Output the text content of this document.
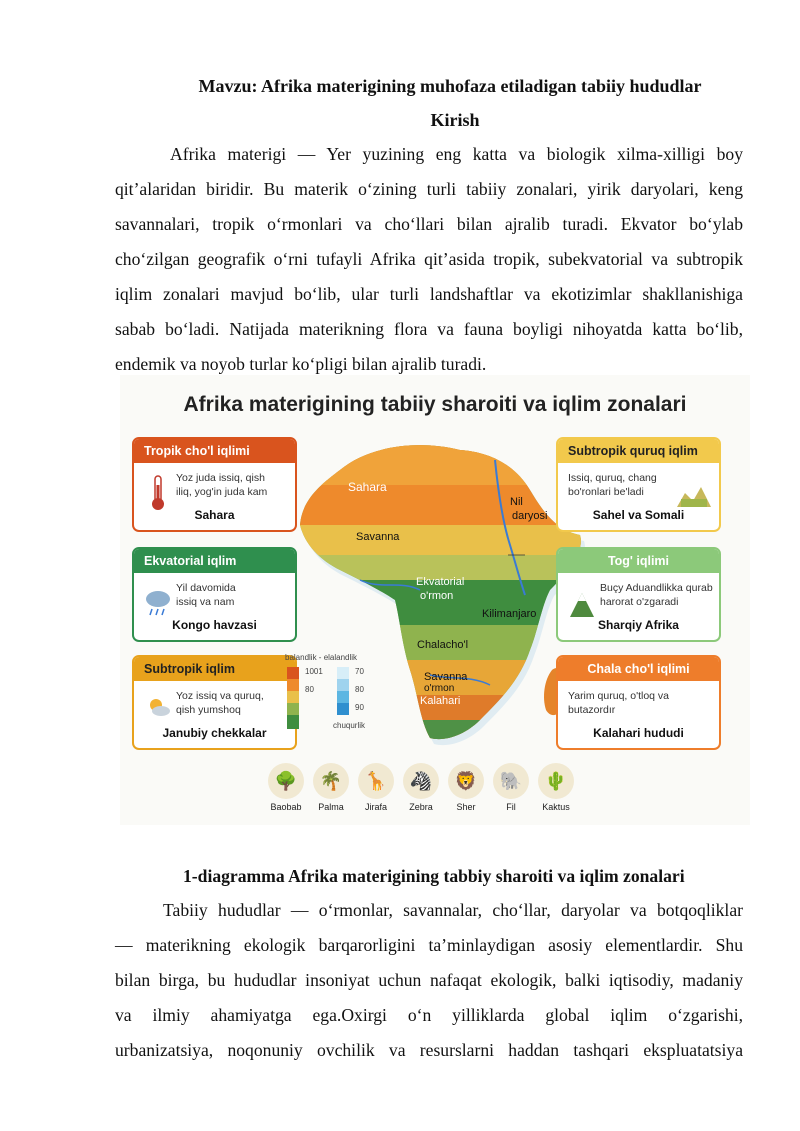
Mavzu: Afrika materigining muhofaza etiladigan tabiiy hududlar
Kirish
Afrika materigi — Yer yuzining eng katta va biologik xilma-xilligi boy
qit’alaridan biridir. Bu materik o‘zining turli tabiiy zonalari, yirik daryolari, keng
savannalari, tropik o‘rmonlari va cho‘llari bilan ajralib turadi. Ekvator bo‘ylab
cho‘zilgan geografik o‘rni tufayli Afrika qit’asida tropik, subekvatorial va subtropik
iqlim zonalari mavjud bo‘lib, ular turli landshaftlar va ekotizimlar shakllanishiga
sabab bo‘ladi. Natijada materikning flora va fauna boyligi nihoyatda katta bo‘lib,
endemik va noyob turlar ko‘pligi bilan ajralib turadi.
Afrika materigining tabiiy sharoiti va iqlim zonalari
Sahara
Savanna
Nil
daryosi
Ekvatorial
o'rmon
Kilimanjaro
Chalacho'l
Savanna
o'rmon
Kalahari
Tropik cho'l iqlimi
Yoz juda issiq, qish
iliq, yog'in juda kam
Sahara
Ekvatorial iqlim
Yil davomida
issiq va nam
Kongo havzasi
Subtropik iqlim
Yoz issiq va quruq,
qish yumshoq
Janubiy chekkalar
Subtropik quruq iqlim
Issiq, quruq, chang
bo'ronlari be'ladi
Sahel va Somali
Tog' iqlimi
Buçy Aduandlikka qurab
harorat o'zgaradi
Sharqiy Afrika
Chala cho'l iqlimi
Yarim quruq, o'tloq va
butazordır
Kalahari hududi
balandlik - elalandlik
1001
80
70
80
90
chuqurlik
🌳
Baobab
🌴
Palma
🦒
Jirafa
🦓
Zebra
🦁
Sher
🐘
Fil
🌵
Kaktus
1-diagramma Afrika materigining tabbiy sharoiti va iqlim zonalari
Tabiiy hududlar — o‘rmonlar, savannalar, cho‘llar, daryolar va botqoqliklar
— materikning ekologik barqarorligini ta’minlaydigan asosiy elementlardir. Shu
bilan birga, bu hududlar insoniyat uchun nafaqat ekologik, balki iqtisodiy, madaniy
va ilmiy ahamiyatga ega.Oxirgi o‘n yilliklarda global iqlim o‘zgarishi,
urbanizatsiya, noqonuniy ovchilik va resurslarni haddan tashqari ekspluatatsiya
